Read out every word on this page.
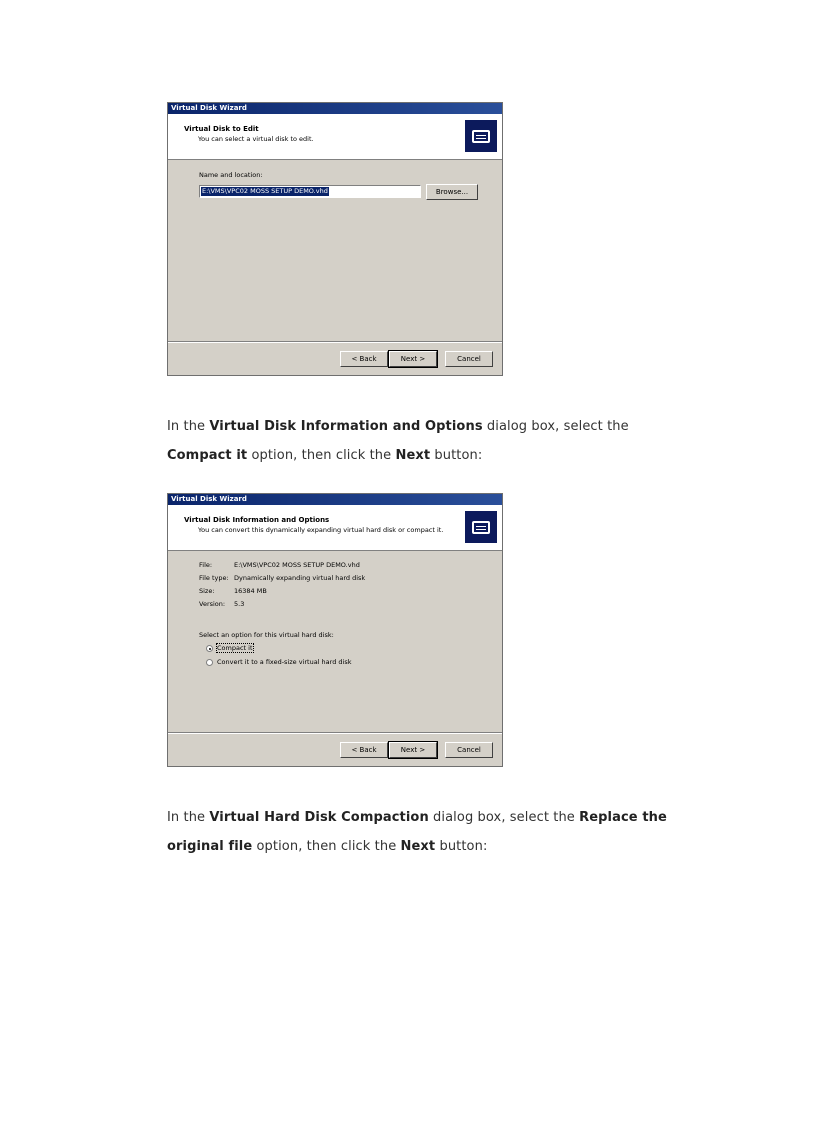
Virtual Disk Wizard
Virtual Disk to Edit
You can select a virtual disk to edit.
Name and location:
E:\VMS\VPC02 MOSS SETUP DEMO.vhd	Browse...
< Back	Next >	Cancel
In the Virtual Disk Information and Options dialog box, select the Compact it option, then click the Next button:
Virtual Disk Wizard
Virtual Disk Information and Options
You can convert this dynamically expanding virtual hard disk or compact it.
File:	E:\VMS\VPC02 MOSS SETUP DEMO.vhd
File type: Dynamically expanding virtual hard disk
Size:	16384 MB
Version: 5.3
Select an option for this virtual hard disk:
Compact it
Convert it to a fixed-size virtual hard disk
< Back	Next >	Cancel
In the Virtual Hard Disk Compaction dialog box, select the Replace the original file option, then click the Next button:
